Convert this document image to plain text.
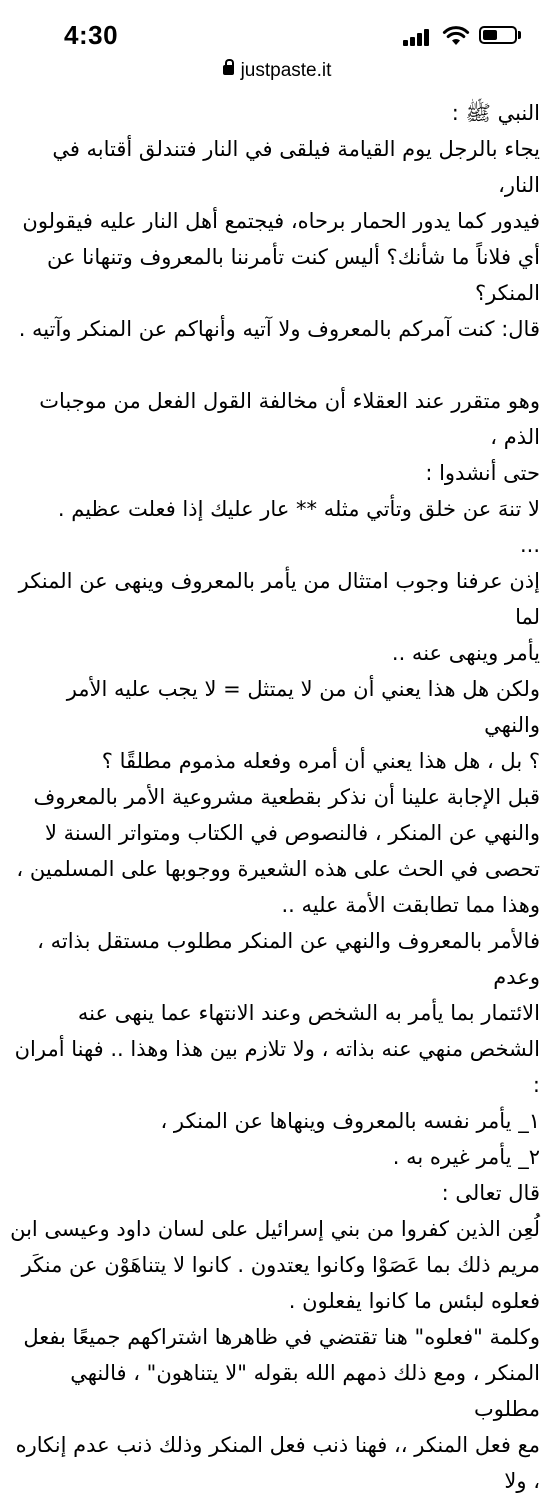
4:30
justpaste.it

النبي ﷺ :

يجاء بالرجل يوم القيامة فيلقى في النار فتندلق أقتابه في النار،

فيدور كما يدور الحمار برحاه، فيجتمع أهل النار عليه فيقولون

أي فلاناً ما شأنك؟ أليس كنت تأمرننا بالمعروف وتنهانا عن المنكر؟

قال: كنت آمركم بالمعروف ولا آتيه وأنهاكم عن المنكر وآتيه .

وهو متقرر عند العقلاء أن مخالفة القول الفعل من موجبات الذم ،

حتى أنشدوا :

لا تنهَ عن خلق وتأتي مثله ** عار عليك إذا فعلت عظيم .

...

إذن عرفنا وجوب امتثال من يأمر بالمعروف وينهى عن المنكر لما

يأمر وينهى عنه ..

ولكن هل هذا يعني أن من لا يمتثل = لا يجب عليه الأمر والنهي

؟ بل ، هل هذا يعني أن أمره وفعله مذموم مطلقًا ؟

قبل الإجابة علينا أن نذكر بقطعية مشروعية الأمر بالمعروف

والنهي عن المنكر ، فالنصوص في الكتاب ومتواتر السنة لا

تحصى في الحث على هذه الشعيرة ووجوبها على المسلمين ،

وهذا مما تطابقت الأمة عليه ..

فالأمر بالمعروف والنهي عن المنكر مطلوب مستقل بذاته ، وعدم

الائتمار بما يأمر به الشخص وعند الانتهاء عما ينهى عنه

الشخص منهي عنه بذاته ، ولا تلازم بين هذا وهذا .. فهنا أمران :

١_ يأمر نفسه بالمعروف وينهاها عن المنكر ،

٢_ يأمر غيره به .

قال تعالى :

لُعِن الذين كفروا من بني إسرائيل على لسان داود وعيسى ابن

مريم ذلك بما عَصَوْا وكانوا يعتدون . كانوا لا يتناهَوْن عن منكَر

فعلوه لبئس ما كانوا يفعلون .

وكلمة "فعلوه" هنا تقتضي في ظاهرها اشتراكهم جميعًا بفعل

المنكر ، ومع ذلك ذمهم الله بقوله "لا يتناهون" ، فالنهي مطلوب

مع فعل المنكر ،، فهنا ذنب فعل المنكر وذلك ذنب عدم إنكاره ، ولا
